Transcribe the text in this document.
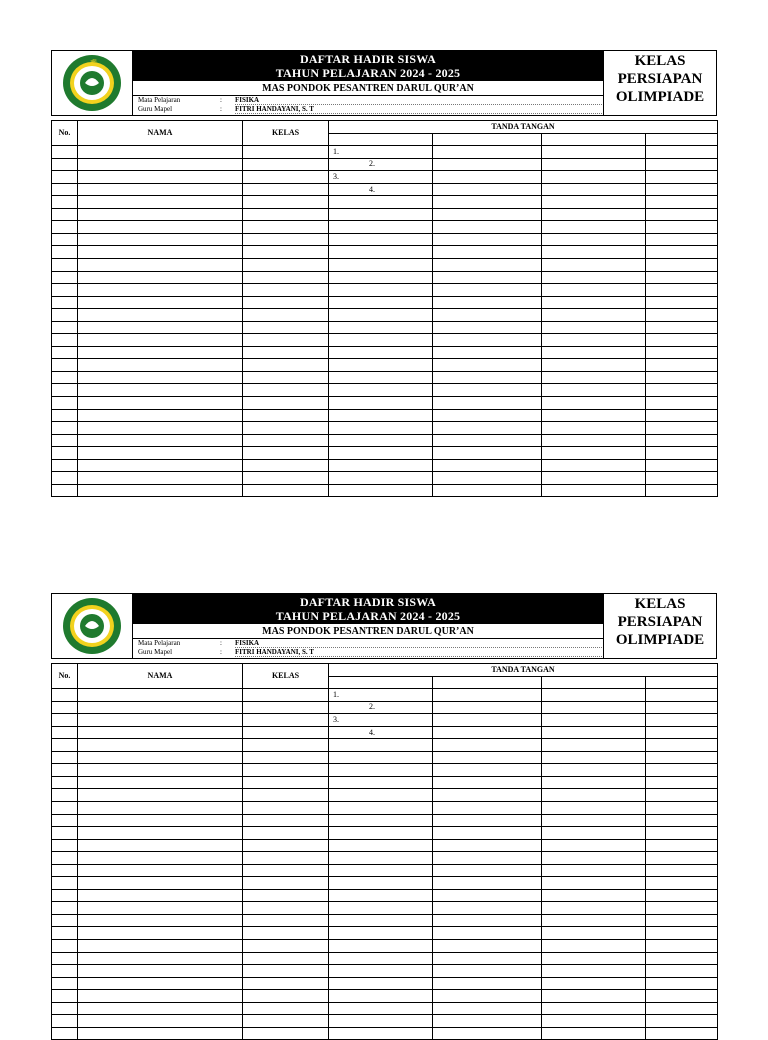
ﷲ	DAFTAR HADIR SISWA
TAHUN PELAJARAN 2024 - 2025
MAS PONDOK PESANTREN DARUL QUR’AN
Mata Pelajaran	: FISIKA
Guru Mapel	: FITRI HANDAYANI, S. T
KELAS
PERSIAPAN
OLIMPIADE
No.	NAMA	KELAS	TANDA TANGAN			

			1.			
			2.			
			3.			
			4.			

DAFTAR HADIR SISWA
TAHUN PELAJARAN 2024 - 2025
MAS PONDOK PESANTREN DARUL QUR’AN
Mata Pelajaran	: FISIKA
Guru Mapel	: FITRI HANDAYANI, S. T
KELAS
PERSIAPAN
OLIMPIADE
No.	NAMA	KELAS	TANDA TANGAN			

			1.			
			2.			
			3.			
			4.			
